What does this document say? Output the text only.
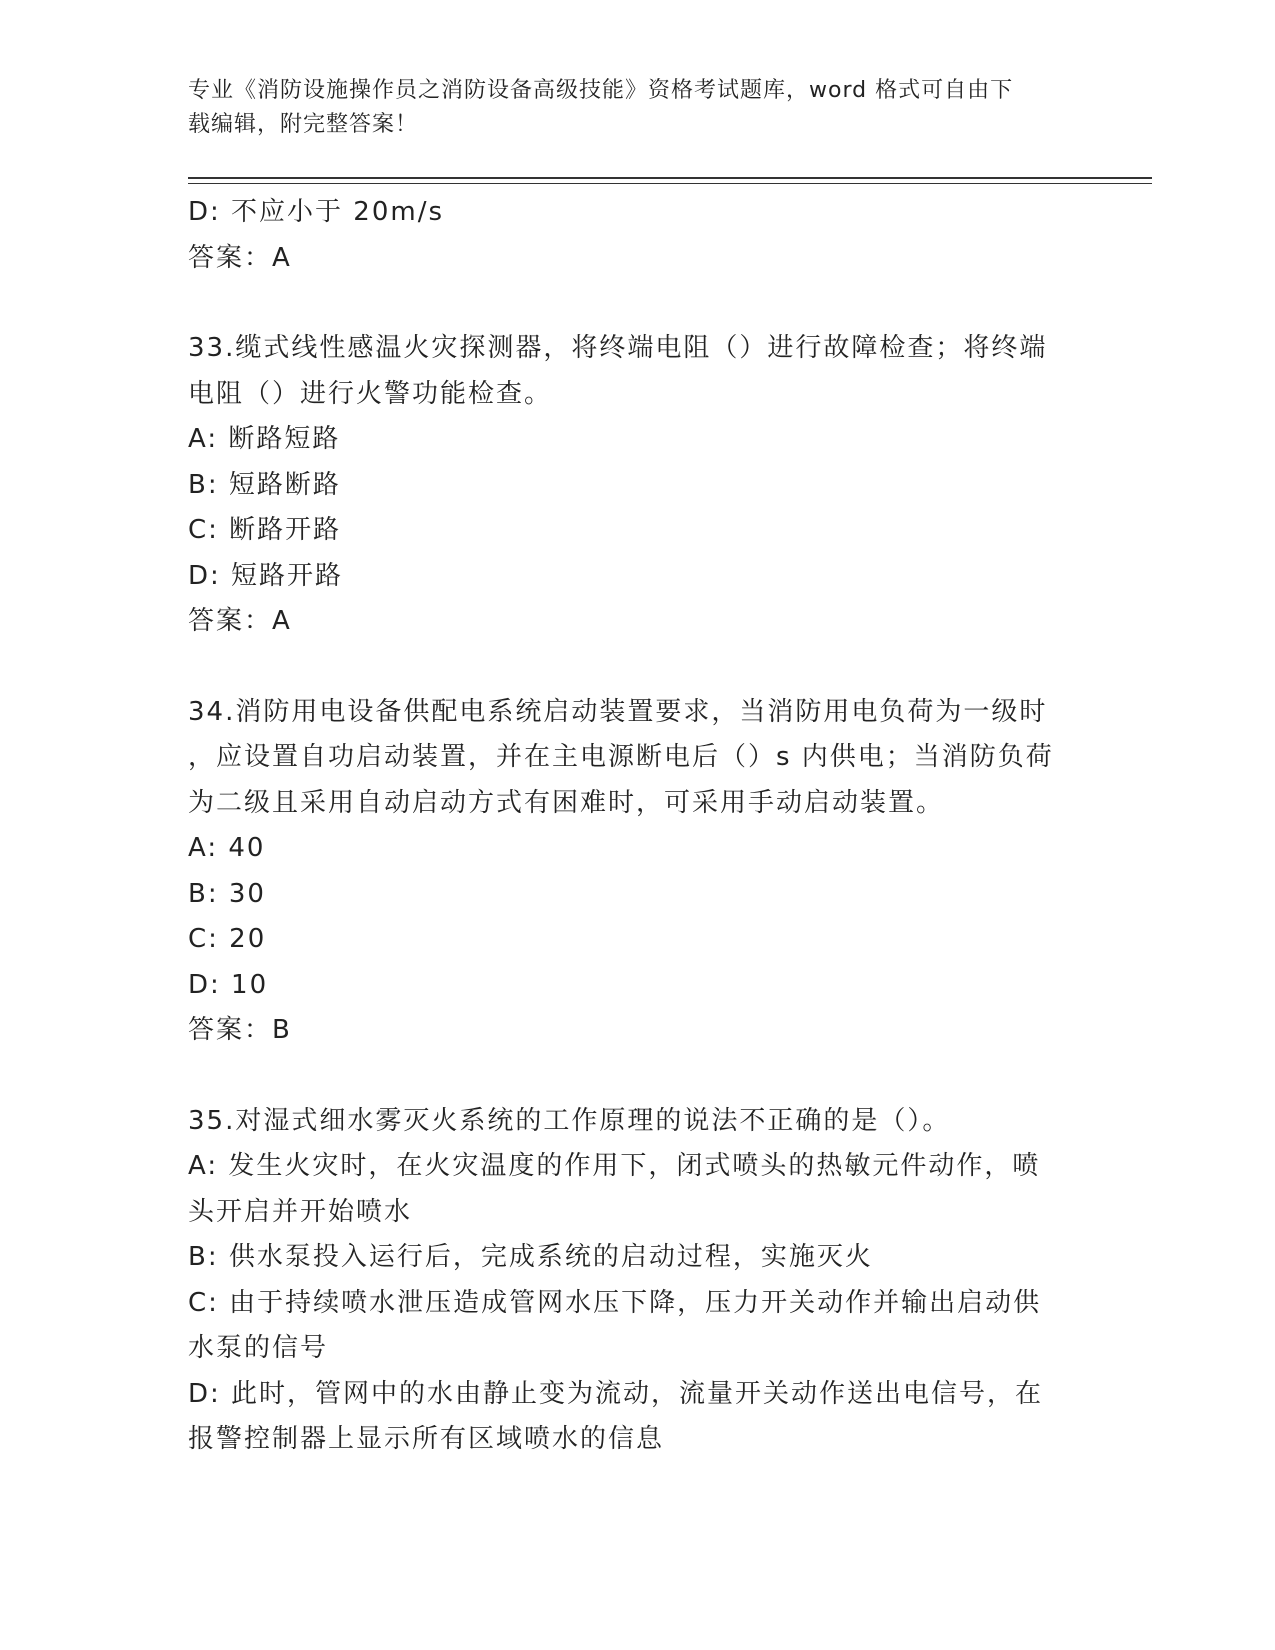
专业《消防设施操作员之消防设备高级技能》资格考试题库，word 格式可自由下
载编辑，附完整答案！
D: 不应小于 20m/s
答案：A
33.缆式线性感温火灾探测器，将终端电阻（）进行故障检查；将终端
电阻（）进行火警功能检查。
A: 断路短路
B: 短路断路
C: 断路开路
D: 短路开路
答案：A
34.消防用电设备供配电系统启动装置要求，当消防用电负荷为一级时
，应设置自功启动装置，并在主电源断电后（）s 内供电；当消防负荷
为二级且采用自动启动方式有困难时，可采用手动启动装置。
A: 40
B: 30
C: 20
D: 10
答案：B
35.对湿式细水雾灭火系统的工作原理的说法不正确的是（）。
A: 发生火灾时，在火灾温度的作用下，闭式喷头的热敏元件动作，喷
头开启并开始喷水
B: 供水泵投入运行后，完成系统的启动过程，实施灭火
C: 由于持续喷水泄压造成管网水压下降，压力开关动作并输出启动供
水泵的信号
D: 此时，管网中的水由静止变为流动，流量开关动作送出电信号，在
报警控制器上显示所有区域喷水的信息
